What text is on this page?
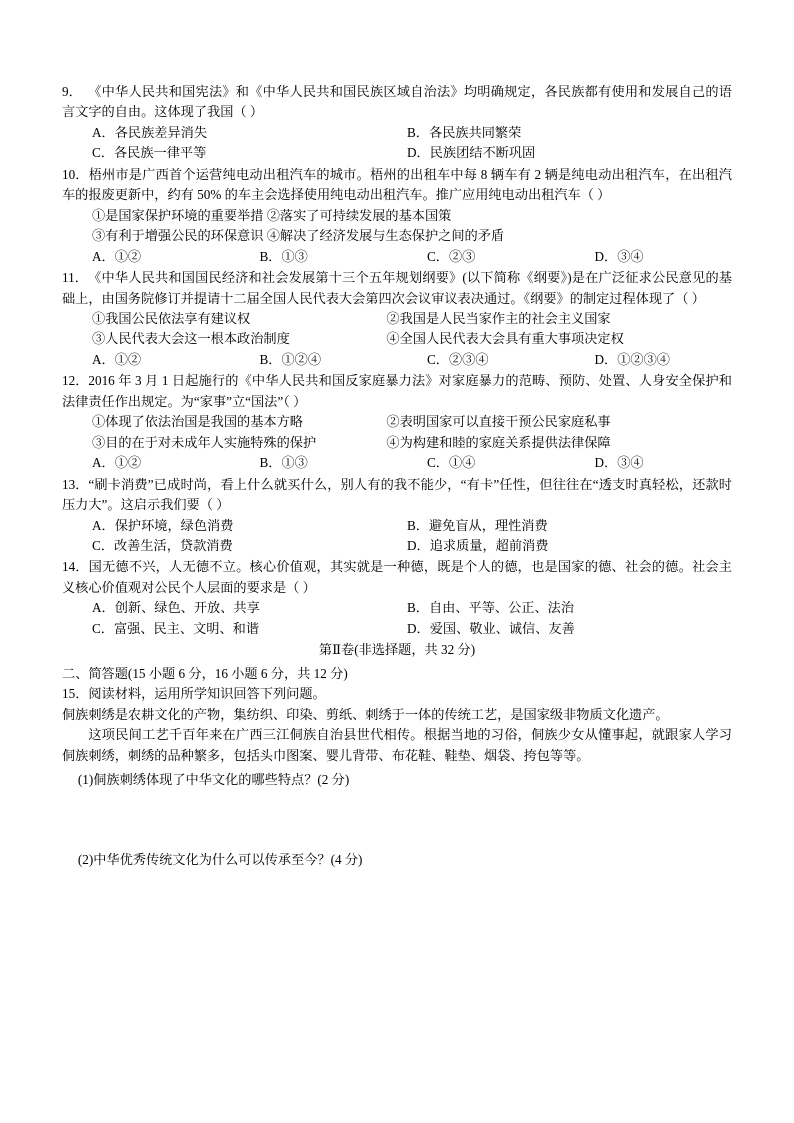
9． 《中华人民共和国宪法》和《中华人民共和国民族区域自治法》均明确规定，各民族都有使用和发展自己的语言文字的自由。这体现了我国（ ）
A．各民族差异消失	B．各民族共同繁荣
C．各民族一律平等	D．民族团结不断巩固
10．梧州市是广西首个运营纯电动出租汽车的城市。梧州的出租车中每 8 辆车有 2 辆是纯电动出租汽车，在出租汽车的报废更新中，约有 50% 的车主会选择使用纯电动出租汽车。推广应用纯电动出租汽车（ ）
①是国家保护环境的重要举措 ②落实了可持续发展的基本国策
③有利于增强公民的环保意识 ④解决了经济发展与生态保护之间的矛盾
A．①②	B．①③	C．②③	D．③④
11．《中华人民共和国国民经济和社会发展第十三个五年规划纲要》(以下简称《纲要》)是在广泛征求公民意见的基础上，由国务院修订并提请十二届全国人民代表大会第四次会议审议表决通过。《纲要》的制定过程体现了（ ）
①我国公民依法享有建议权	②我国是人民当家作主的社会主义国家
③人民代表大会这一根本政治制度	④全国人民代表大会具有重大事项决定权
A．①②	B．①②④	C．②③④	D．①②③④
12．2016 年 3 月 1 日起施行的《中华人民共和国反家庭暴力法》对家庭暴力的范畴、预防、处置、人身安全保护和法律责任作出规定。为“家事”立“国法”（ ）
①体现了依法治国是我国的基本方略	②表明国家可以直接干预公民家庭私事
③目的在于对未成年人实施特殊的保护	④为构建和睦的家庭关系提供法律保障
A．①②	B．①③	C．①④	D．③④
13．“刷卡消费”已成时尚，看上什么就买什么，别人有的我不能少，“有卡”任性，但往往在“透支时真轻松，还款时压力大”。这启示我们要（ ）
A．保护环境，绿色消费	B．避免盲从，理性消费
C．改善生活，贷款消费	D．追求质量，超前消费
14．国无德不兴，人无德不立。核心价值观，其实就是一种德，既是个人的德，也是国家的德、社会的德。社会主义核心价值观对公民个人层面的要求是（ ）
A．创新、绿色、开放、共享	B．自由、平等、公正、法治
C．富强、民主、文明、和谐	D．爱国、敬业、诚信、友善
第Ⅱ卷(非选择题，共 32 分)
二、简答题(15 小题 6 分，16 小题 6 分，共 12 分)
15．阅读材料，运用所学知识回答下列问题。
侗族刺绣是农耕文化的产物，集纺织、印染、剪纸、刺绣于一体的传统工艺，是国家级非物质文化遗产。
这项民间工艺千百年来在广西三江侗族自治县世代相传。根据当地的习俗，侗族少女从懂事起，就跟家人学习侗族刺绣，刺绣的品种繁多，包括头巾图案、婴儿背带、布花鞋、鞋垫、烟袋、挎包等等。
(1)侗族刺绣体现了中华文化的哪些特点？(2 分)
(2)中华优秀传统文化为什么可以传承至今？(4 分)
